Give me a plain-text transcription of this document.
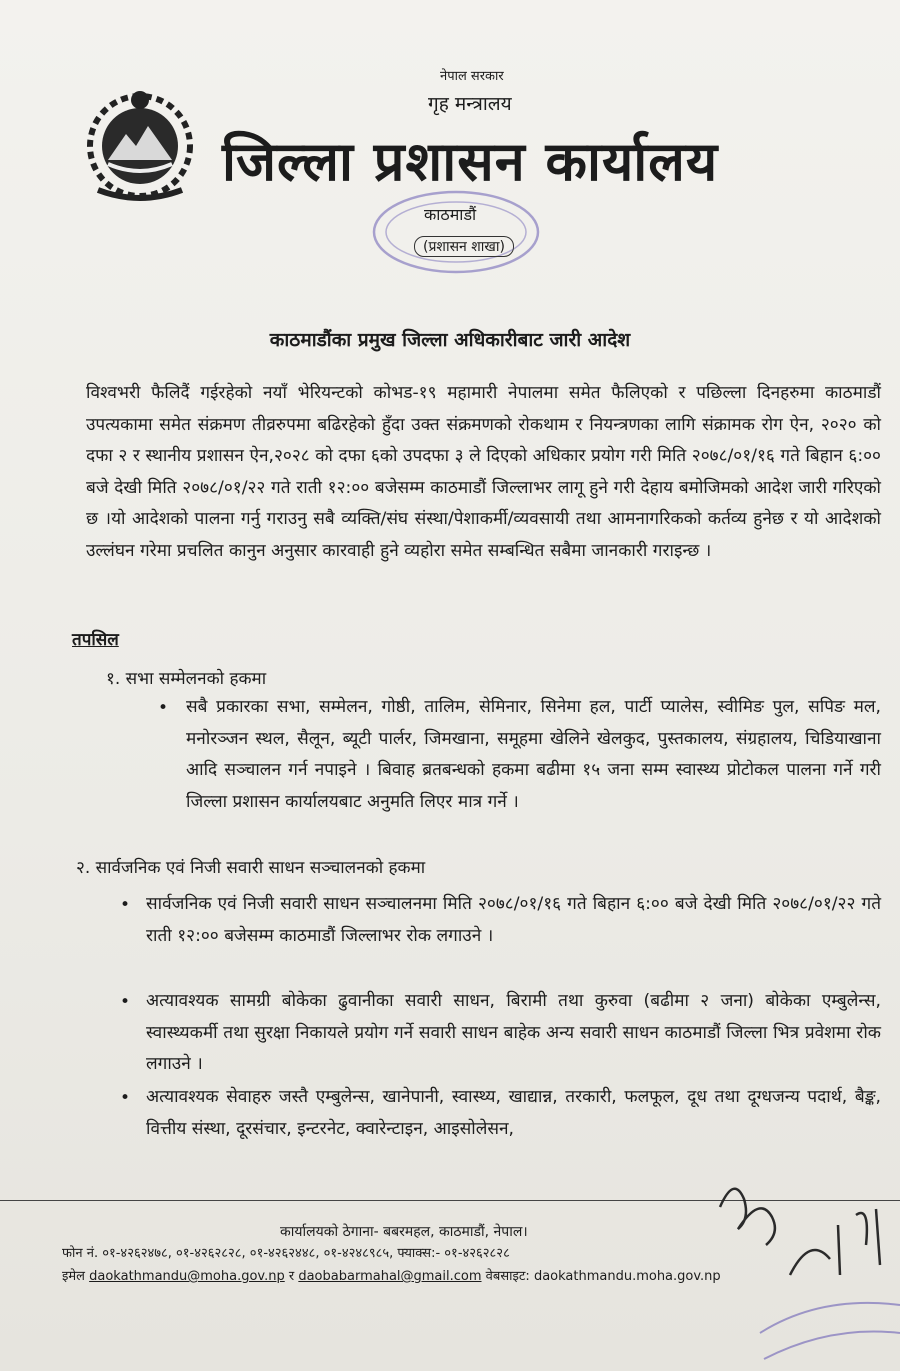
नेपाल सरकार
गृह मन्त्रालय
जिल्ला प्रशासन कार्यालय
काठमाडौं
(प्रशासन शाखा)
काठमाडौंका प्रमुख जिल्ला अधिकारीबाट जारी आदेश
विश्वभरी फैलिदैं गईरहेको नयाँ भेरियन्टको कोभड-१९ महामारी नेपालमा समेत फैलिएको र पछिल्ला दिनहरुमा काठमाडौं उपत्यकामा समेत संक्रमण तीव्ररुपमा बढिरहेको हुँदा उक्त संक्रमणको रोकथाम र नियन्त्रणका लागि संक्रामक रोग ऐन, २०२० को दफा २ र स्थानीय प्रशासन ऐन,२०२८ को दफा ६को उपदफा ३ ले दिएको अधिकार प्रयोग गरी मिति २०७८/०१/१६ गते बिहान ६:०० बजे देखी मिति २०७८/०१/२२ गते राती १२:०० बजेसम्म काठमाडौं जिल्लाभर लागू हुने गरी देहाय बमोजिमको आदेश जारी गरिएको छ ।यो आदेशको पालना गर्नु गराउनु सबै व्यक्ति/संघ संस्था/पेशाकर्मी/व्यवसायी तथा आमनागरिकको कर्तव्य हुनेछ र यो आदेशको उल्लंघन गरेमा प्रचलित कानुन अनुसार कारवाही हुने व्यहोरा समेत सम्बन्धित सबैमा जानकारी गराइन्छ ।
तपसिल
१. सभा सम्मेलनको हकमा
• सबै प्रकारका सभा, सम्मेलन, गोष्ठी, तालिम, सेमिनार, सिनेमा हल, पार्टी प्यालेस, स्वीमिङ पुल, सपिङ मल, मनोरञ्जन स्थल, सैलून, ब्यूटी पार्लर, जिमखाना, समूहमा खेलिने खेलकुद, पुस्तकालय, संग्रहालय, चिडियाखाना आदि सञ्चालन गर्न नपाइने । बिवाह ब्रतबन्धको हकमा बढीमा १५ जना सम्म स्वास्थ्य प्रोटोकल पालना गर्ने गरी जिल्ला प्रशासन कार्यालयबाट अनुमति लिएर मात्र गर्ने ।
२. सार्वजनिक एवं निजी सवारी साधन सञ्चालनको हकमा
• सार्वजनिक एवं निजी सवारी साधन सञ्चालनमा मिति २०७८/०१/१६ गते बिहान ६:०० बजे देखी मिति २०७८/०१/२२ गते राती १२:०० बजेसम्म काठमाडौं जिल्लाभर रोक लगाउने ।
• अत्यावश्यक सामग्री बोकेका ढुवानीका सवारी साधन, बिरामी तथा कुरुवा (बढीमा २ जना) बोकेका एम्बुलेन्स, स्वास्थ्यकर्मी तथा सुरक्षा निकायले प्रयोग गर्ने सवारी साधन बाहेक अन्य सवारी साधन काठमाडौं जिल्ला भित्र प्रवेशमा रोक लगाउने ।
• अत्यावश्यक सेवाहरु जस्तै एम्बुलेन्स, खानेपानी, स्वास्थ्य, खाद्यान्न, तरकारी, फलफूल, दूध तथा दूग्धजन्य पदार्थ, बैङ्क, वित्तीय संस्था, दूरसंचार, इन्टरनेट, क्वारेन्टाइन, आइसोलेसन,
कार्यालयको ठेगाना- बबरमहल, काठमाडौं, नेपाल।
फोन नं. ०१-४२६२४७८, ०१-४२६२८२८, ०१-४२६२४४८, ०१-४२४८९८५, फ्याक्स:- ०१-४२६२८२८
इमेल daokathmandu@moha.gov.np र daobabarmahal@gmail.com वेबसाइट: daokathmandu.moha.gov.np
